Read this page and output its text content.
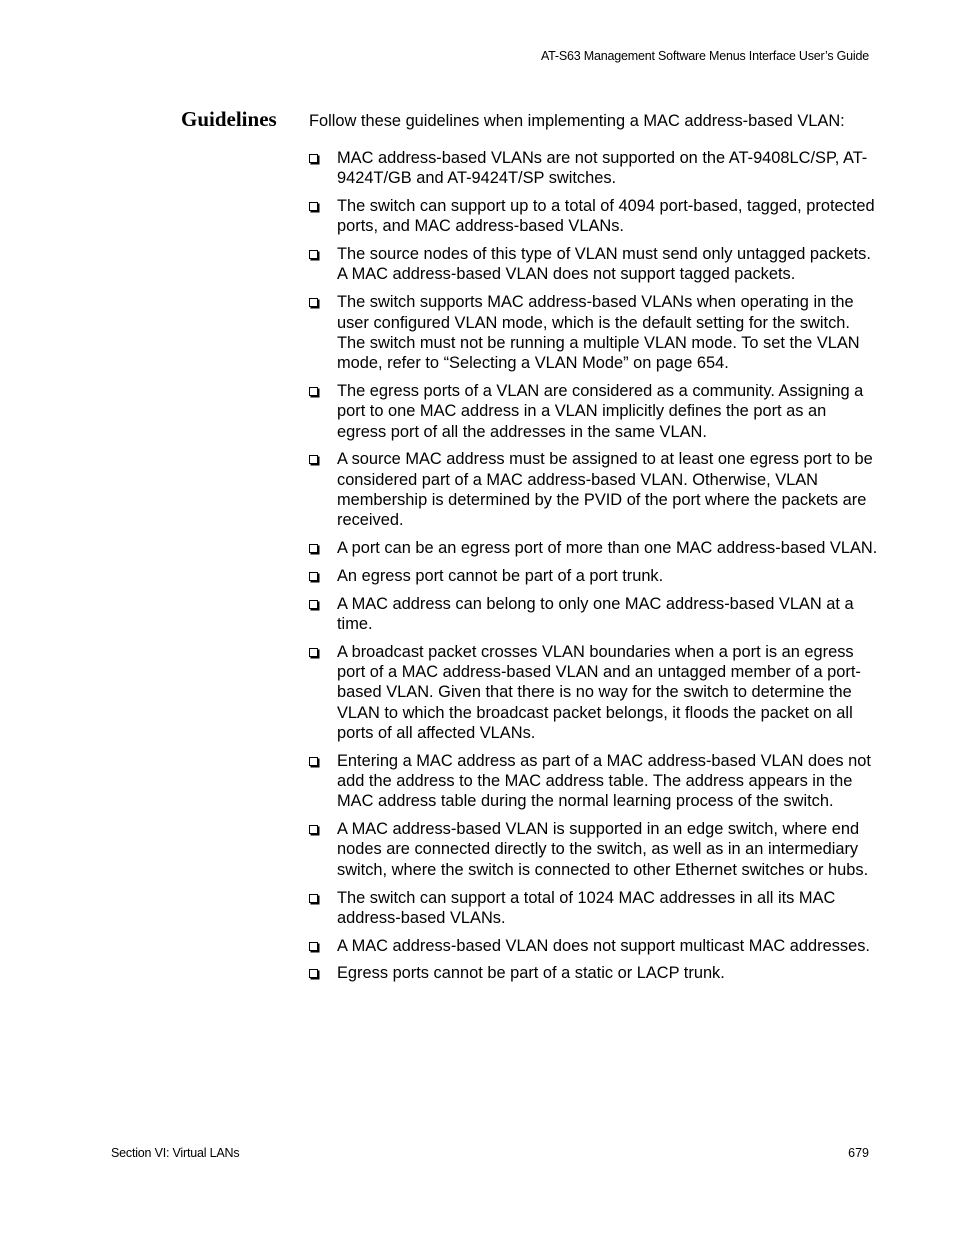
AT-S63 Management Software Menus Interface User’s Guide
Guidelines Follow these guidelines when implementing a MAC address-based VLAN:

MAC address-based VLANs are not supported on the AT-9408LC/SP, AT-9424T/GB and AT-9424T/SP switches.
The switch can support up to a total of 4094 port-based, tagged, protected ports, and MAC address-based VLANs.
The source nodes of this type of VLAN must send only untagged packets. A MAC address-based VLAN does not support tagged packets.
The switch supports MAC address-based VLANs when operating in the user configured VLAN mode, which is the default setting for the switch. The switch must not be running a multiple VLAN mode. To set the VLAN mode, refer to “Selecting a VLAN Mode” on page 654.
The egress ports of a VLAN are considered as a community. Assigning a port to one MAC address in a VLAN implicitly defines the port as an egress port of all the addresses in the same VLAN.
A source MAC address must be assigned to at least one egress port to be considered part of a MAC address-based VLAN. Otherwise, VLAN membership is determined by the PVID of the port where the packets are received.
A port can be an egress port of more than one MAC address-based VLAN.
An egress port cannot be part of a port trunk.
A MAC address can belong to only one MAC address-based VLAN at a time.
A broadcast packet crosses VLAN boundaries when a port is an egress port of a MAC address-based VLAN and an untagged member of a port-based VLAN. Given that there is no way for the switch to determine the VLAN to which the broadcast packet belongs, it floods the packet on all ports of all affected VLANs.
Entering a MAC address as part of a MAC address-based VLAN does not add the address to the MAC address table. The address appears in the MAC address table during the normal learning process of the switch.
A MAC address-based VLAN is supported in an edge switch, where end nodes are connected directly to the switch, as well as in an intermediary switch, where the switch is connected to other Ethernet switches or hubs.
The switch can support a total of 1024 MAC addresses in all its MAC address-based VLANs.
A MAC address-based VLAN does not support multicast MAC addresses.
Egress ports cannot be part of a static or LACP trunk.
Section VI: Virtual LANs	679
